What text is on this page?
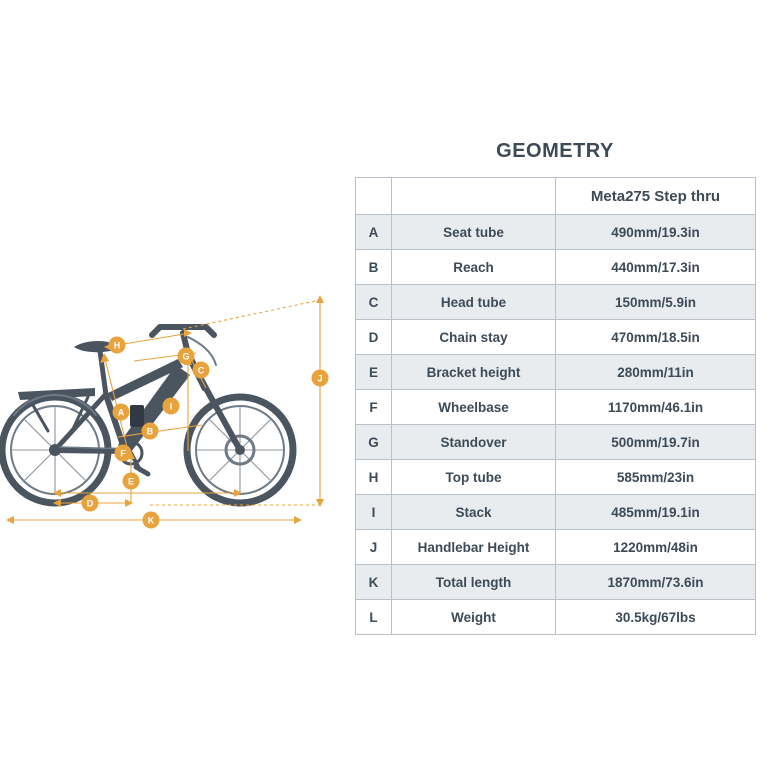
A
B
C
D
E
F
G
H
I
J
K
GEOMETRY
		Meta275 Step thru
A	Seat tube	490mm/19.3in
B	Reach	440mm/17.3in
C	Head tube	150mm/5.9in
D	Chain stay	470mm/18.5in
E	Bracket height	280mm/11in
F	Wheelbase	1170mm/46.1in
G	Standover	500mm/19.7in
H	Top tube	585mm/23in
I	Stack	485mm/19.1in
J	Handlebar Height	1220mm/48in
K	Total length	1870mm/73.6in
L	Weight	30.5kg/67lbs
